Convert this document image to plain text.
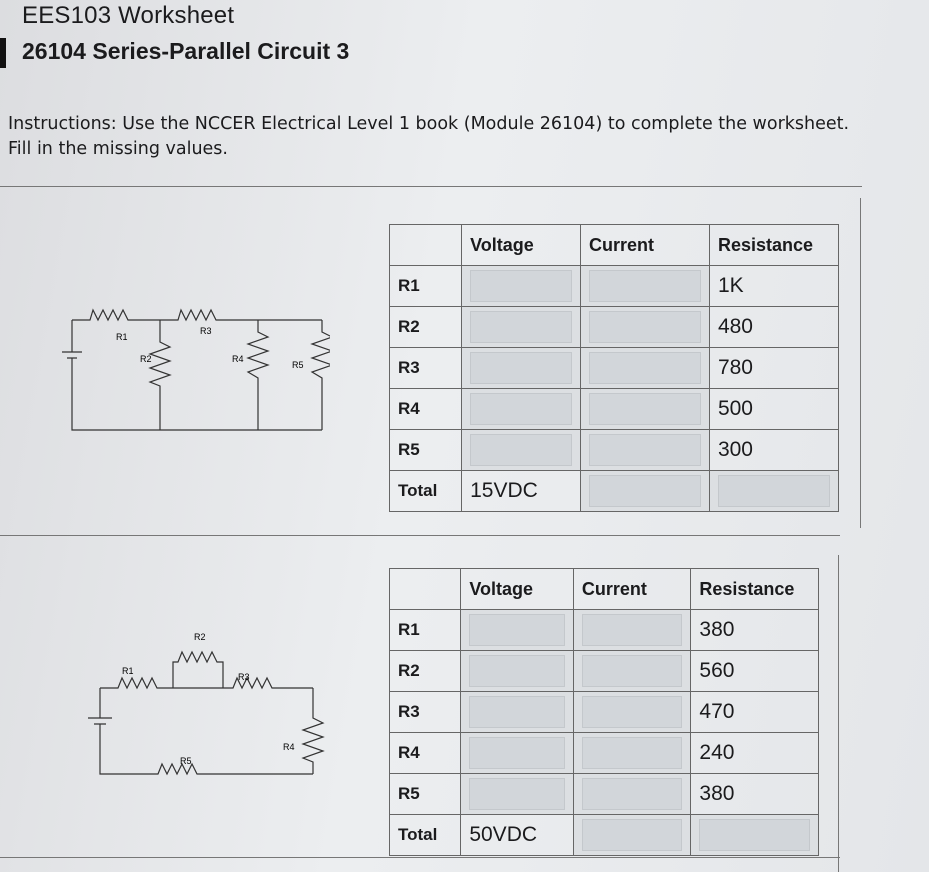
EES103 Worksheet
26104 Series-Parallel Circuit 3
Instructions: Use the NCCER Electrical Level 1 book (Module 26104) to complete the worksheet. Fill in the missing values.
R1
R2
R3
R4
R5
R2
R1
R3
R4
R5
	Voltage	Current	Resistance
R1			1K
R2			480
R3			780
R4			500
R5			300
Total	15VDC	

	Voltage	Current	Resistance
R1			380
R2			560
R3			470
R4			240
R5			380
Total	50VDC	
